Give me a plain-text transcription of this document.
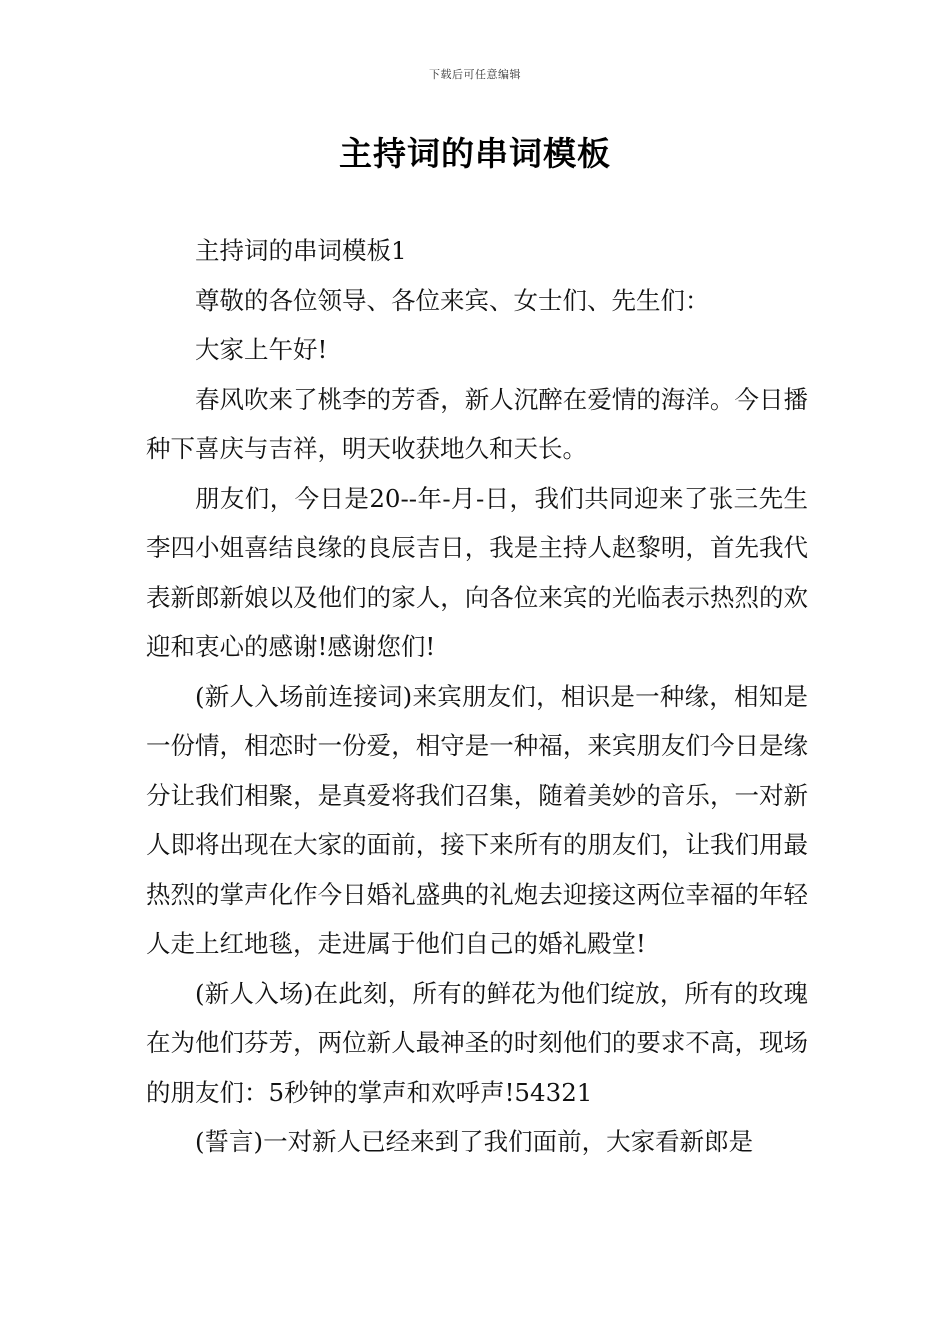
下载后可任意编辑
主持词的串词模板

主持词的串词模板1

尊敬的各位领导、各位来宾、女士们、先生们：

大家上午好!

春风吹来了桃李的芳香，新人沉醉在爱情的海洋。今日播种下喜庆与吉祥，明天收获地久和天长。

朋友们，今日是20--年-月-日，我们共同迎来了张三先生李四小姐喜结良缘的良辰吉日，我是主持人赵黎明，首先我代表新郎新娘以及他们的家人，向各位来宾的光临表示热烈的欢迎和衷心的感谢!感谢您们!

(新人入场前连接词)来宾朋友们，相识是一种缘，相知是一份情，相恋时一份爱，相守是一种福，来宾朋友们今日是缘分让我们相聚，是真爱将我们召集，随着美妙的音乐，一对新人即将出现在大家的面前，接下来所有的朋友们，让我们用最热烈的掌声化作今日婚礼盛典的礼炮去迎接这两位幸福的年轻人走上红地毯，走进属于他们自己的婚礼殿堂!

(新人入场)在此刻，所有的鲜花为他们绽放，所有的玫瑰在为他们芬芳，两位新人最神圣的时刻他们的要求不高，现场的朋友们：5秒钟的掌声和欢呼声!54321

(誓言)一对新人已经来到了我们面前，大家看新郎是
